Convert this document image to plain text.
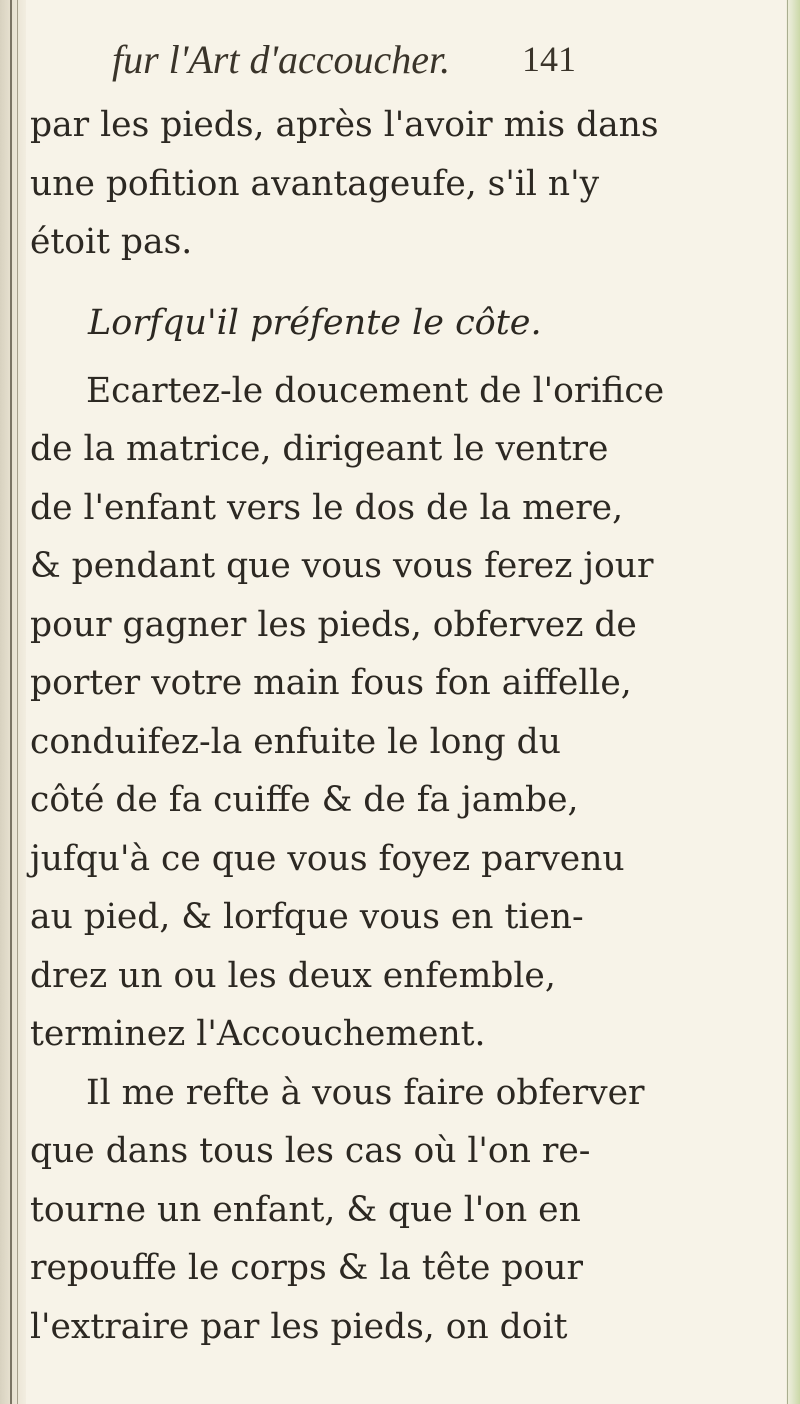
fur l'Art d'accoucher. 141
par les pieds, après l'avoir mis dans
une pofition avantageufe, s'il n'y
étoit pas.
Lorfqu'il préfente le côte.
Ecartez-le doucement de l'orifice
de la matrice, dirigeant le ventre
de l'enfant vers le dos de la mere,
& pendant que vous vous ferez jour
pour gagner les pieds, obfervez de
porter votre main fous fon aiffelle,
conduifez-la enfuite le long du
côté de fa cuiffe & de fa jambe,
jufqu'à ce que vous foyez parvenu
au pied, & lorfque vous en tien-
drez un ou les deux enfemble,
terminez l'Accouchement.
Il me refte à vous faire obferver
que dans tous les cas où l'on re-
tourne un enfant, & que l'on en
repouffe le corps & la tête pour
l'extraire par les pieds, on doit
